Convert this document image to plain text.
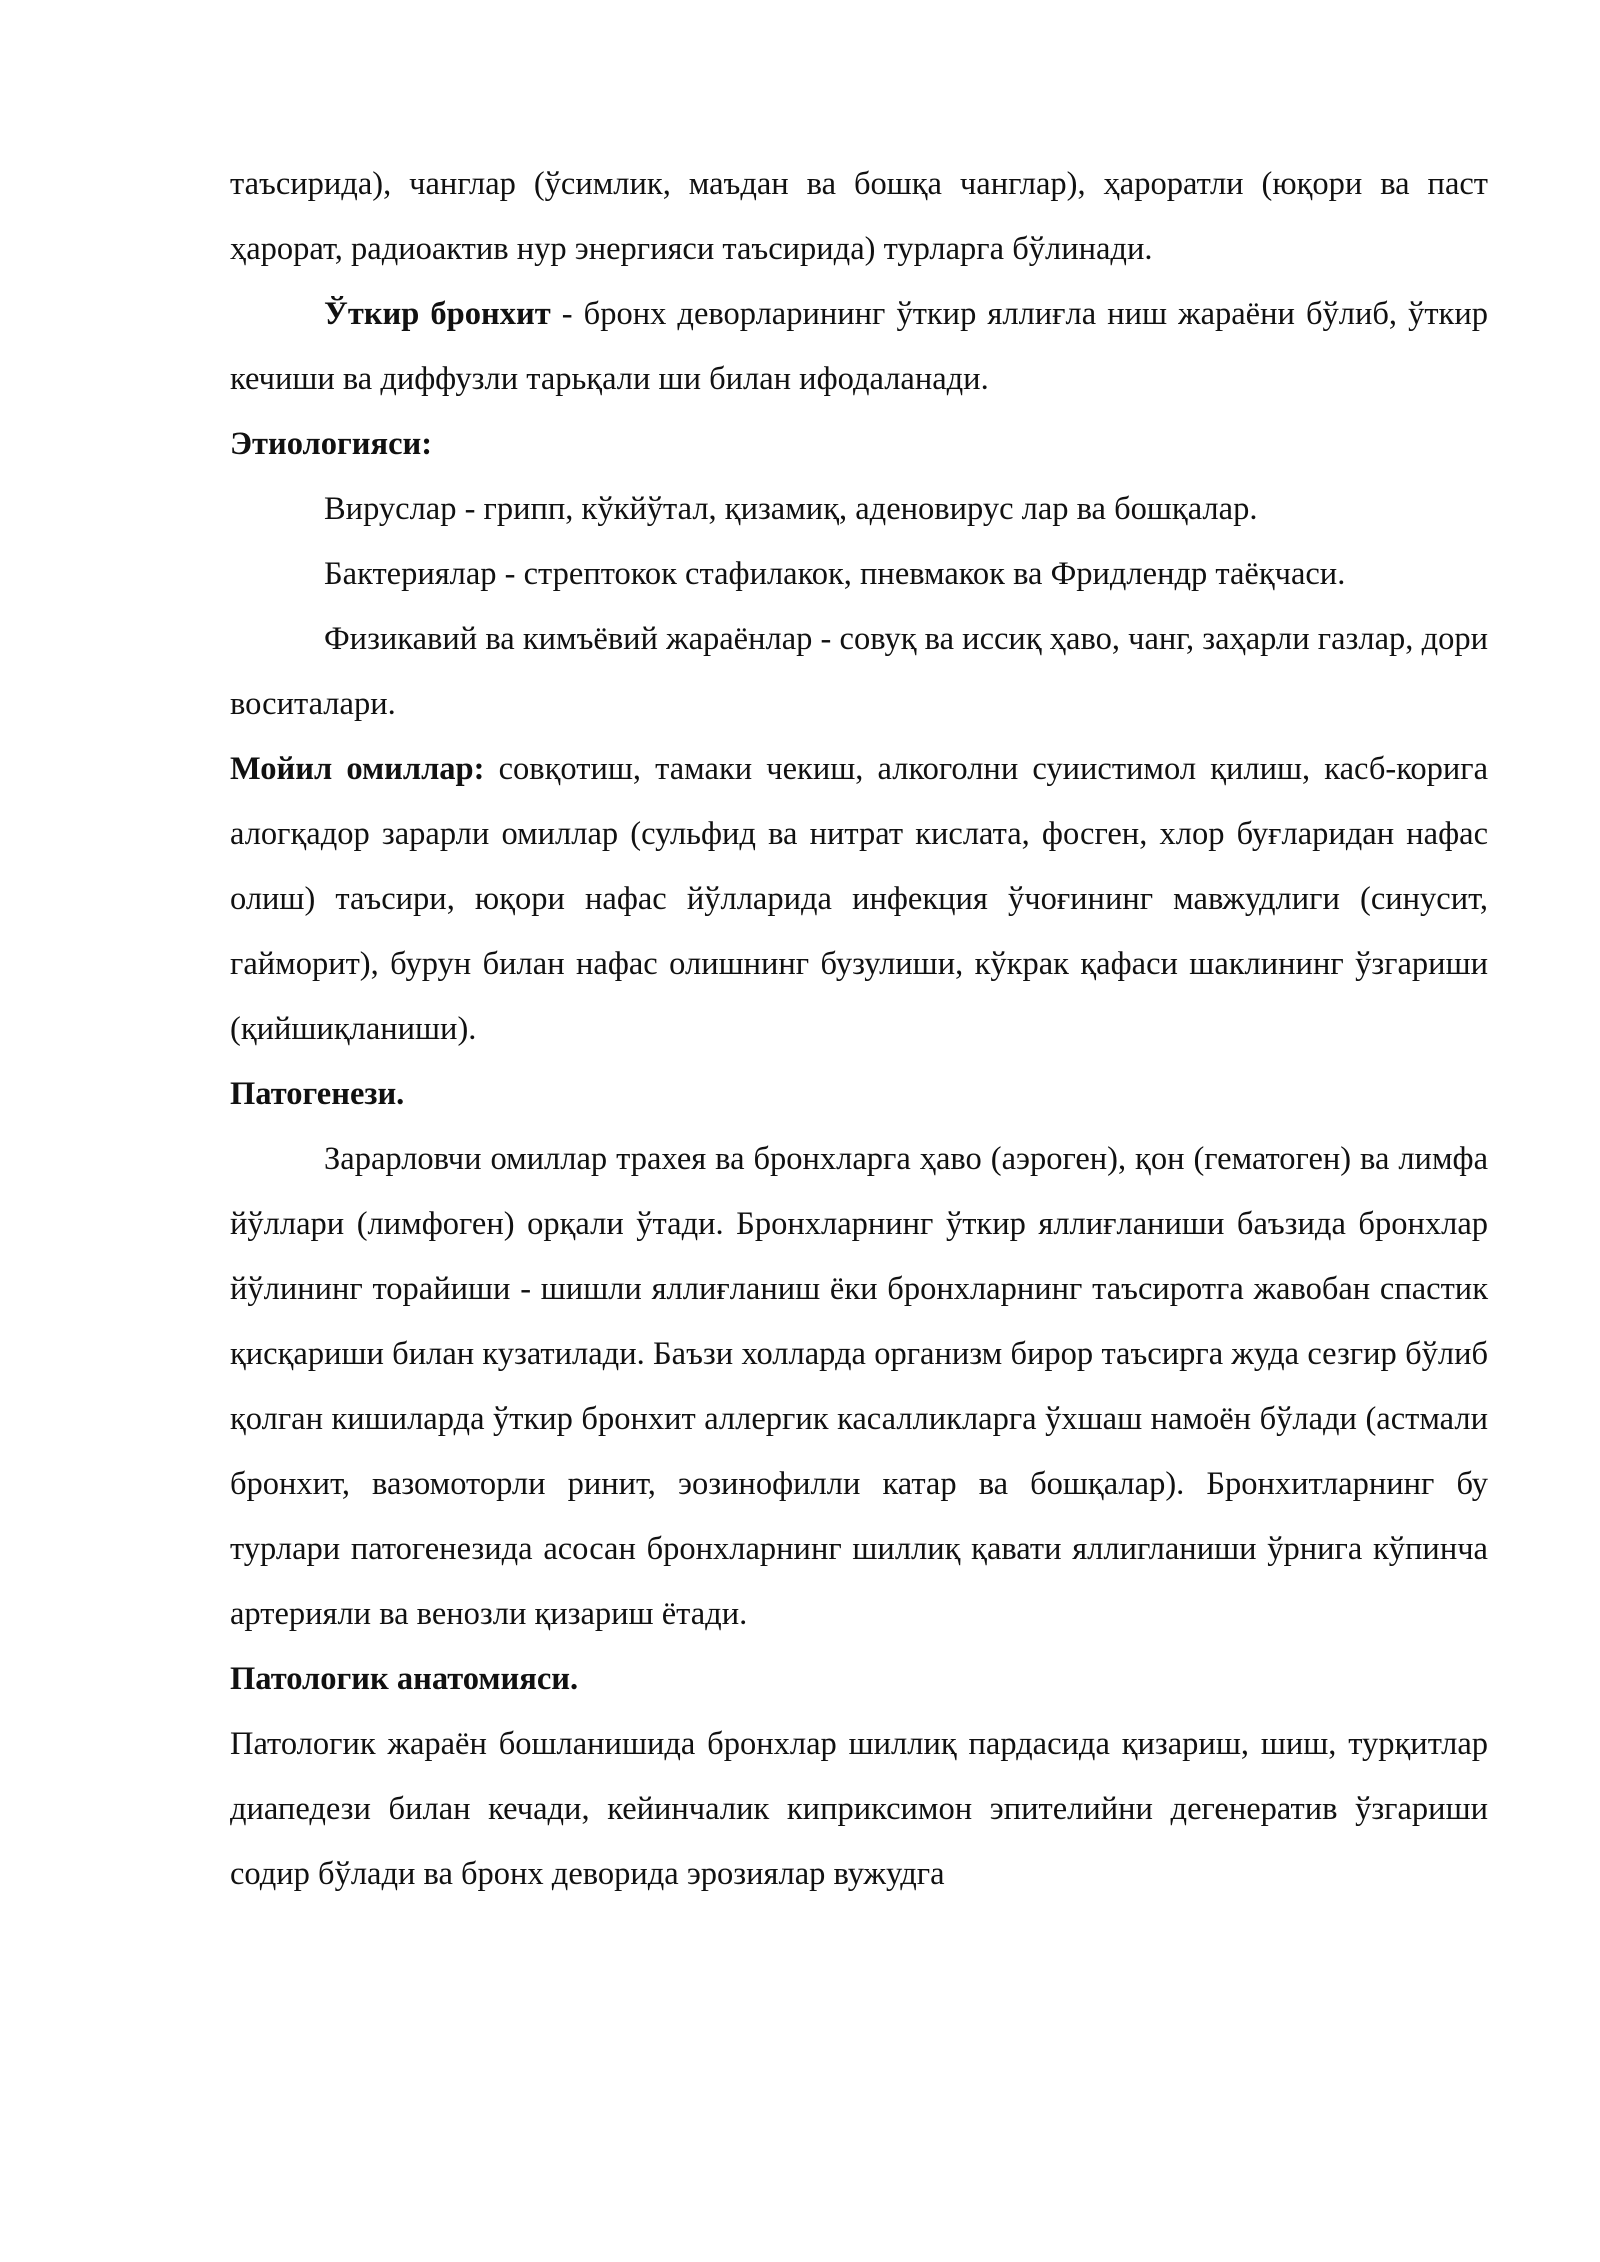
таъсирида), чанглар (ўсимлик, маъдан ва бошқа чанглар), ҳароратли (юқори ва паст ҳарорат, радиоактив нур энергияси таъсирида) турларга бўлинади.

Ўткир бронхит - бронх деворларининг ўткир яллиғла ниш жараёни бўлиб, ўткир кечиши ва диффузли тарьқали ши билан ифодаланади.

Этиологияси:

Вируслар - грипп, кўкйўтал, қизамиқ, аденовирус лар ва бошқалар.

Бактериялар - стрептокок стафилакок, пневмакок ва Фридлендр таёқчаси.

Физикавий ва кимъёвий жараёнлар - совуқ ва иссиқ ҳаво, чанг, заҳарли газлар, дори воситалари.

Мойил омиллар: совқотиш, тамаки чекиш, алкоголни суиистимол қилиш, касб-корига алогқадор зарарли омиллар (сульфид ва нитрат кислата, фосген, хлор буғларидан нафас олиш) таъсири, юқори нафас йўлларида инфекция ўчоғининг мавжудлиги (синусит, гайморит), бурун билан нафас олишнинг бузулиши, кўкрак қафаси шаклининг ўзгариши (қийшиқланиши).

Патогенези.

Зарарловчи омиллар трахея ва бронхларга ҳаво (аэроген), қон (гематоген) ва лимфа йўллари (лимфоген) орқали ўтади. Бронхларнинг ўткир яллиғланиши баъзида бронхлар йўлининг торайиши - шишли яллиғланиш ёки бронхларнинг таъсиротга жавобан спастик қисқариши билан кузатилади. Баъзи холларда организм бирор таъсирга жуда сезгир бўлиб қолган кишиларда ўткир бронхит аллергик касалликларга ўхшаш намоён бўлади (астмали бронхит, вазомоторли ринит, эозинофилли катар ва бошқалар). Бронхитларнинг бу турлари патогенезида асосан бронхларнинг шиллиқ қавати яллигланиши ўрнига кўпинча артерияли ва венозли қизариш ётади.

Патологик анатомияси.

Патологик жараён бошланишида бронхлар шиллиқ пардасида қизариш, шиш, турқитлар диапедези билан кечади, кейинчалик киприксимон эпителийни дегенератив ўзгариши содир бўлади ва бронх деворида эрозиялар вужудга
